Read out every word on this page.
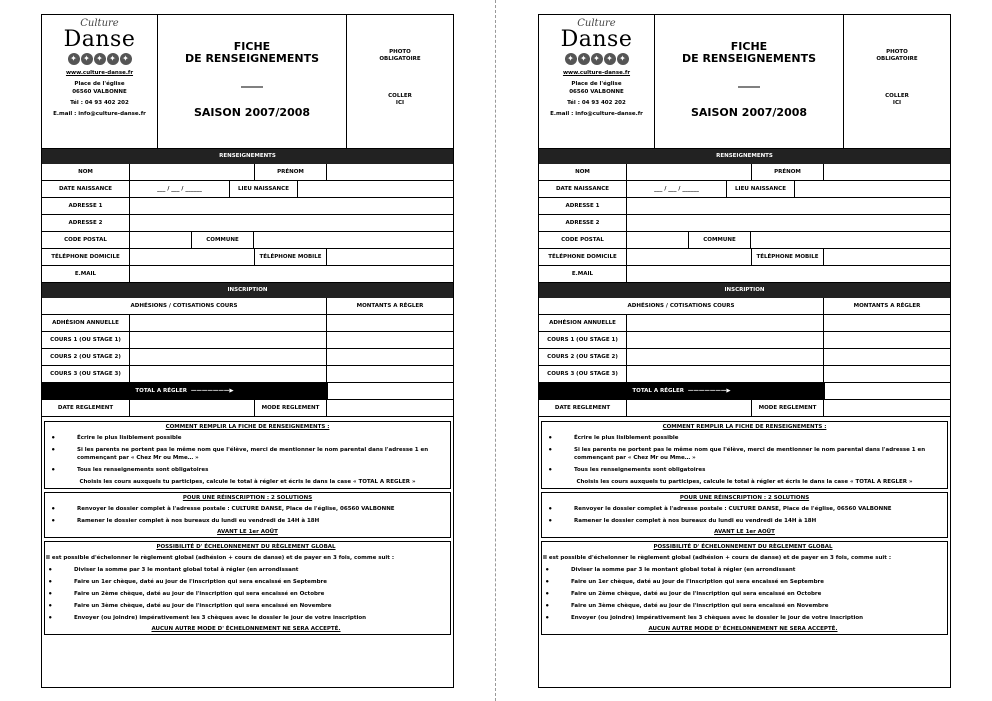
Culture
Danse
✦ ✦ ✦ ✦ ✦
www.culture-danse.fr
Place de l'église
06560 VALBONNE
Tél : 04 93 402 202
E.mail : info@culture-danse.fr
FICHE
DE RENSEIGNEMENTS
____
SAISON 2007/2008
PHOTO
OBLIGATOIRE
COLLER
ICI
RENSEIGNEMENTS
NOM	PRÉNOM
DATE NAISSANCE	___ / ___ / ______	LIEU NAISSANCE
ADRESSE 1
ADRESSE 2
CODE POSTAL	COMMUNE
TÉLÉPHONE DOMICILE	TÉLÉPHONE MOBILE
E.MAIL
INSCRIPTION
ADHÉSIONS / COTISATIONS COURS	MONTANTS A RÉGLER
ADHÉSION ANNUELLE
COURS 1 (OU STAGE 1)
COURS 2 (OU STAGE 2)
COURS 3 (OU STAGE 3)
TOTAL A RÉGLER ———————▶
DATE REGLEMENT	MODE REGLEMENT
COMMENT REMPLIR LA FICHE DE RENSEIGNEMENTS :
• Écrire le plus lisiblement possible
• Si les parents ne portent pas le même nom que l'élève, merci de mentionner le nom parental dans l'adresse 1 en commençant par « Chez Mr ou Mme… »
• Tous les renseignements sont obligatoires
Choisis les cours auxquels tu participes, calcule le total à régler et écris le dans la case « TOTAL A REGLER »
POUR UNE RÉINSCRIPTION : 2 SOLUTIONS
• Renvoyer le dossier complet à l'adresse postale : CULTURE DANSE, Place de l'église, 06560 VALBONNE
• Ramener le dossier complet à nos bureaux du lundi eu vendredi de 14H à 18H
AVANT LE 1er AOÛT
POSSIBILITÉ D' ÉCHELONNEMENT DU RÈGLEMENT GLOBAL
Il est possible d'échelonner le règlement global (adhésion + cours de danse) et de payer en 3 fois, comme suit :
• Diviser la somme par 3 le montant global total à régler (en arrondissant
• Faire un 1er chèque, daté au jour de l'inscription qui sera encaissé en Septembre
• Faire un 2ème chèque, daté au jour de l'inscription qui sera encaissé en Octobre
• Faire un 3ème chèque, daté au jour de l'inscription qui sera encaissé en Novembre
• Envoyer (ou joindre) impérativement les 3 chèques avec le dossier le jour de votre inscription
AUCUN AUTRE MODE D' ÉCHELONNEMENT NE SERA ACCEPTÉ.
Culture
Danse
✦ ✦ ✦ ✦ ✦
www.culture-danse.fr
Place de l'église
06560 VALBONNE
Tél : 04 93 402 202
E.mail : info@culture-danse.fr
FICHE
DE RENSEIGNEMENTS
____
SAISON 2007/2008
PHOTO
OBLIGATOIRE
COLLER
ICI
RENSEIGNEMENTS
NOM	PRÉNOM
DATE NAISSANCE	___ / ___ / ______	LIEU NAISSANCE
ADRESSE 1
ADRESSE 2
CODE POSTAL	COMMUNE
TÉLÉPHONE DOMICILE	TÉLÉPHONE MOBILE
E.MAIL
INSCRIPTION
ADHÉSIONS / COTISATIONS COURS	MONTANTS A RÉGLER
ADHÉSION ANNUELLE
COURS 1 (OU STAGE 1)
COURS 2 (OU STAGE 2)
COURS 3 (OU STAGE 3)
TOTAL A RÉGLER ———————▶
DATE REGLEMENT	MODE REGLEMENT
COMMENT REMPLIR LA FICHE DE RENSEIGNEMENTS :
• Écrire le plus lisiblement possible
• Si les parents ne portent pas le même nom que l'élève, merci de mentionner le nom parental dans l'adresse 1 en commençant par « Chez Mr ou Mme… »
• Tous les renseignements sont obligatoires
Choisis les cours auxquels tu participes, calcule le total à régler et écris le dans la case « TOTAL A REGLER »
POUR UNE RÉINSCRIPTION : 2 SOLUTIONS
• Renvoyer le dossier complet à l'adresse postale : CULTURE DANSE, Place de l'église, 06560 VALBONNE
• Ramener le dossier complet à nos bureaux du lundi eu vendredi de 14H à 18H
AVANT LE 1er AOÛT
POSSIBILITÉ D' ÉCHELONNEMENT DU RÈGLEMENT GLOBAL
Il est possible d'échelonner le règlement global (adhésion + cours de danse) et de payer en 3 fois, comme suit :
• Diviser la somme par 3 le montant global total à régler (en arrondissant
• Faire un 1er chèque, daté au jour de l'inscription qui sera encaissé en Septembre
• Faire un 2ème chèque, daté au jour de l'inscription qui sera encaissé en Octobre
• Faire un 3ème chèque, daté au jour de l'inscription qui sera encaissé en Novembre
• Envoyer (ou joindre) impérativement les 3 chèques avec le dossier le jour de votre inscription
AUCUN AUTRE MODE D' ÉCHELONNEMENT NE SERA ACCEPTÉ.
